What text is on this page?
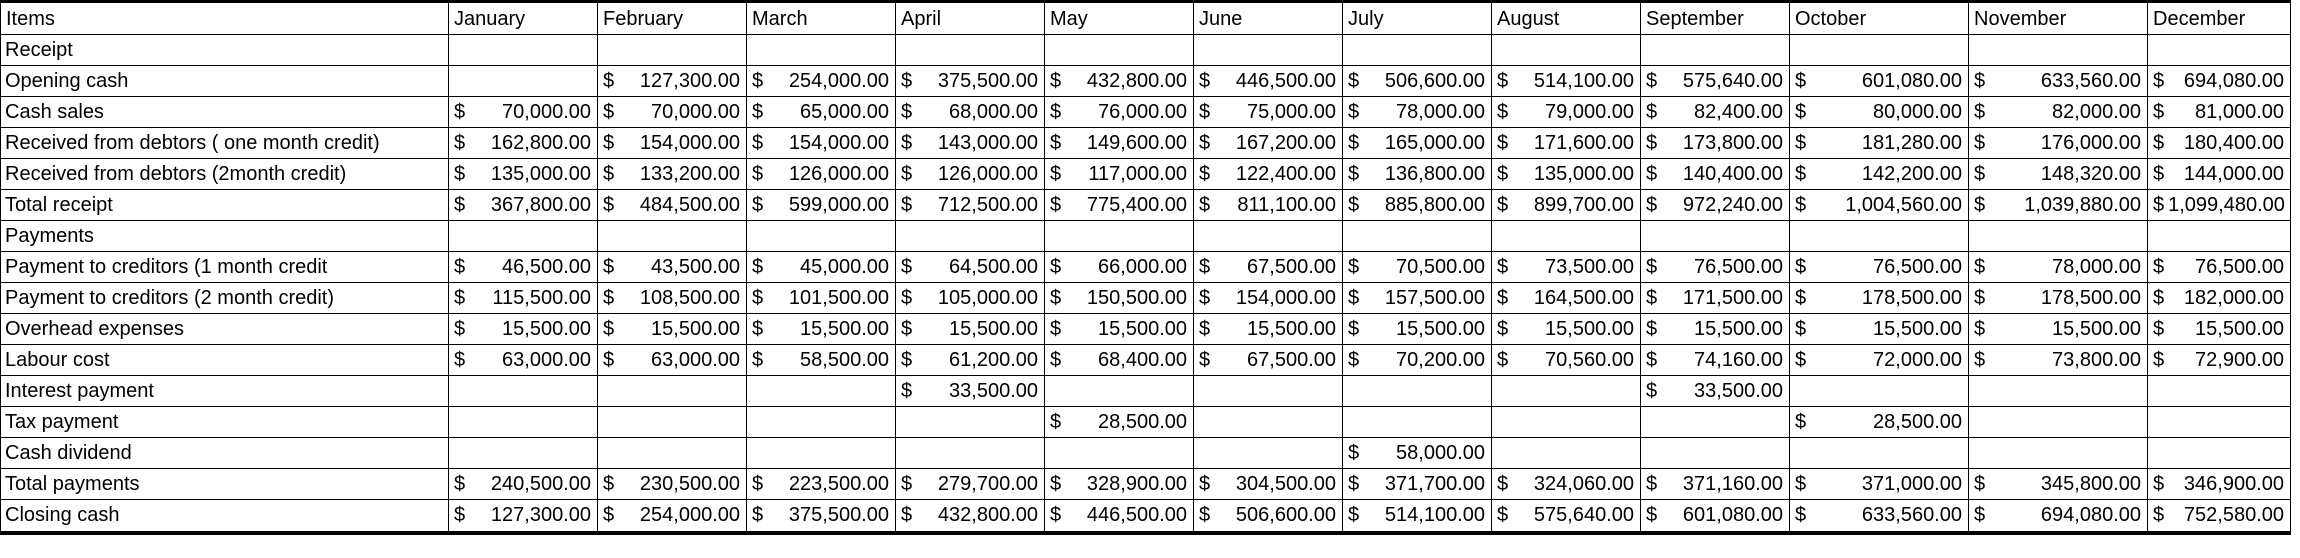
Items	January	February	March	April	May	June	July	August	September	October	November	December
Receipt												
Opening cash		$ 127,300.00	$ 254,000.00	$ 375,500.00	$ 432,800.00	$ 446,500.00	$ 506,600.00	$ 514,100.00	$ 575,640.00	$ 601,080.00	$ 633,560.00	$ 694,080.00

Cash sales	$ 70,000.00	$ 70,000.00	$ 65,000.00	$ 68,000.00	$ 76,000.00	$ 75,000.00	$ 78,000.00	$ 79,000.00	$ 82,400.00	$ 80,000.00	$ 82,000.00	$ 81,000.00

Received from debtors ( one month credit)	$ 162,800.00	$ 154,000.00	$ 154,000.00	$ 143,000.00	$ 149,600.00	$ 167,200.00	$ 165,000.00	$ 171,600.00	$ 173,800.00	$ 181,280.00	$ 176,000.00	$ 180,400.00

Received from debtors (2month credit)	$ 135,000.00	$ 133,200.00	$ 126,000.00	$ 126,000.00	$ 117,000.00	$ 122,400.00	$ 136,800.00	$ 135,000.00	$ 140,400.00	$ 142,200.00	$ 148,320.00	$ 144,000.00

Total receipt	$ 367,800.00	$ 484,500.00	$ 599,000.00	$ 712,500.00	$ 775,400.00	$ 811,100.00	$ 885,800.00	$ 899,700.00	$ 972,240.00	$ 1,004,560.00	$ 1,039,880.00	$ 1,099,480.00

Payments												
Payment to creditors (1 month credit	$ 46,500.00	$ 43,500.00	$ 45,000.00	$ 64,500.00	$ 66,000.00	$ 67,500.00	$ 70,500.00	$ 73,500.00	$ 76,500.00	$ 76,500.00	$ 78,000.00	$ 76,500.00

Payment to creditors (2 month credit)	$ 115,500.00	$ 108,500.00	$ 101,500.00	$ 105,000.00	$ 150,500.00	$ 154,000.00	$ 157,500.00	$ 164,500.00	$ 171,500.00	$ 178,500.00	$ 178,500.00	$ 182,000.00

Overhead expenses	$ 15,500.00	$ 15,500.00	$ 15,500.00	$ 15,500.00	$ 15,500.00	$ 15,500.00	$ 15,500.00	$ 15,500.00	$ 15,500.00	$ 15,500.00	$ 15,500.00	$ 15,500.00

Labour cost	$ 63,000.00	$ 63,000.00	$ 58,500.00	$ 61,200.00	$ 68,400.00	$ 67,500.00	$ 70,200.00	$ 70,560.00	$ 74,160.00	$ 72,000.00	$ 73,800.00	$ 72,900.00

Interest payment				$ 33,500.00					$ 33,500.00			

Tax payment					$ 28,500.00					$ 28,500.00		

Cash dividend							$ 58,000.00					

Total payments	$ 240,500.00	$ 230,500.00	$ 223,500.00	$ 279,700.00	$ 328,900.00	$ 304,500.00	$ 371,700.00	$ 324,060.00	$ 371,160.00	$ 371,000.00	$ 345,800.00	$ 346,900.00

Closing cash	$ 127,300.00	$ 254,000.00	$ 375,500.00	$ 432,800.00	$ 446,500.00	$ 506,600.00	$ 514,100.00	$ 575,640.00	$ 601,080.00	$ 633,560.00	$ 694,080.00	$ 752,580.00
